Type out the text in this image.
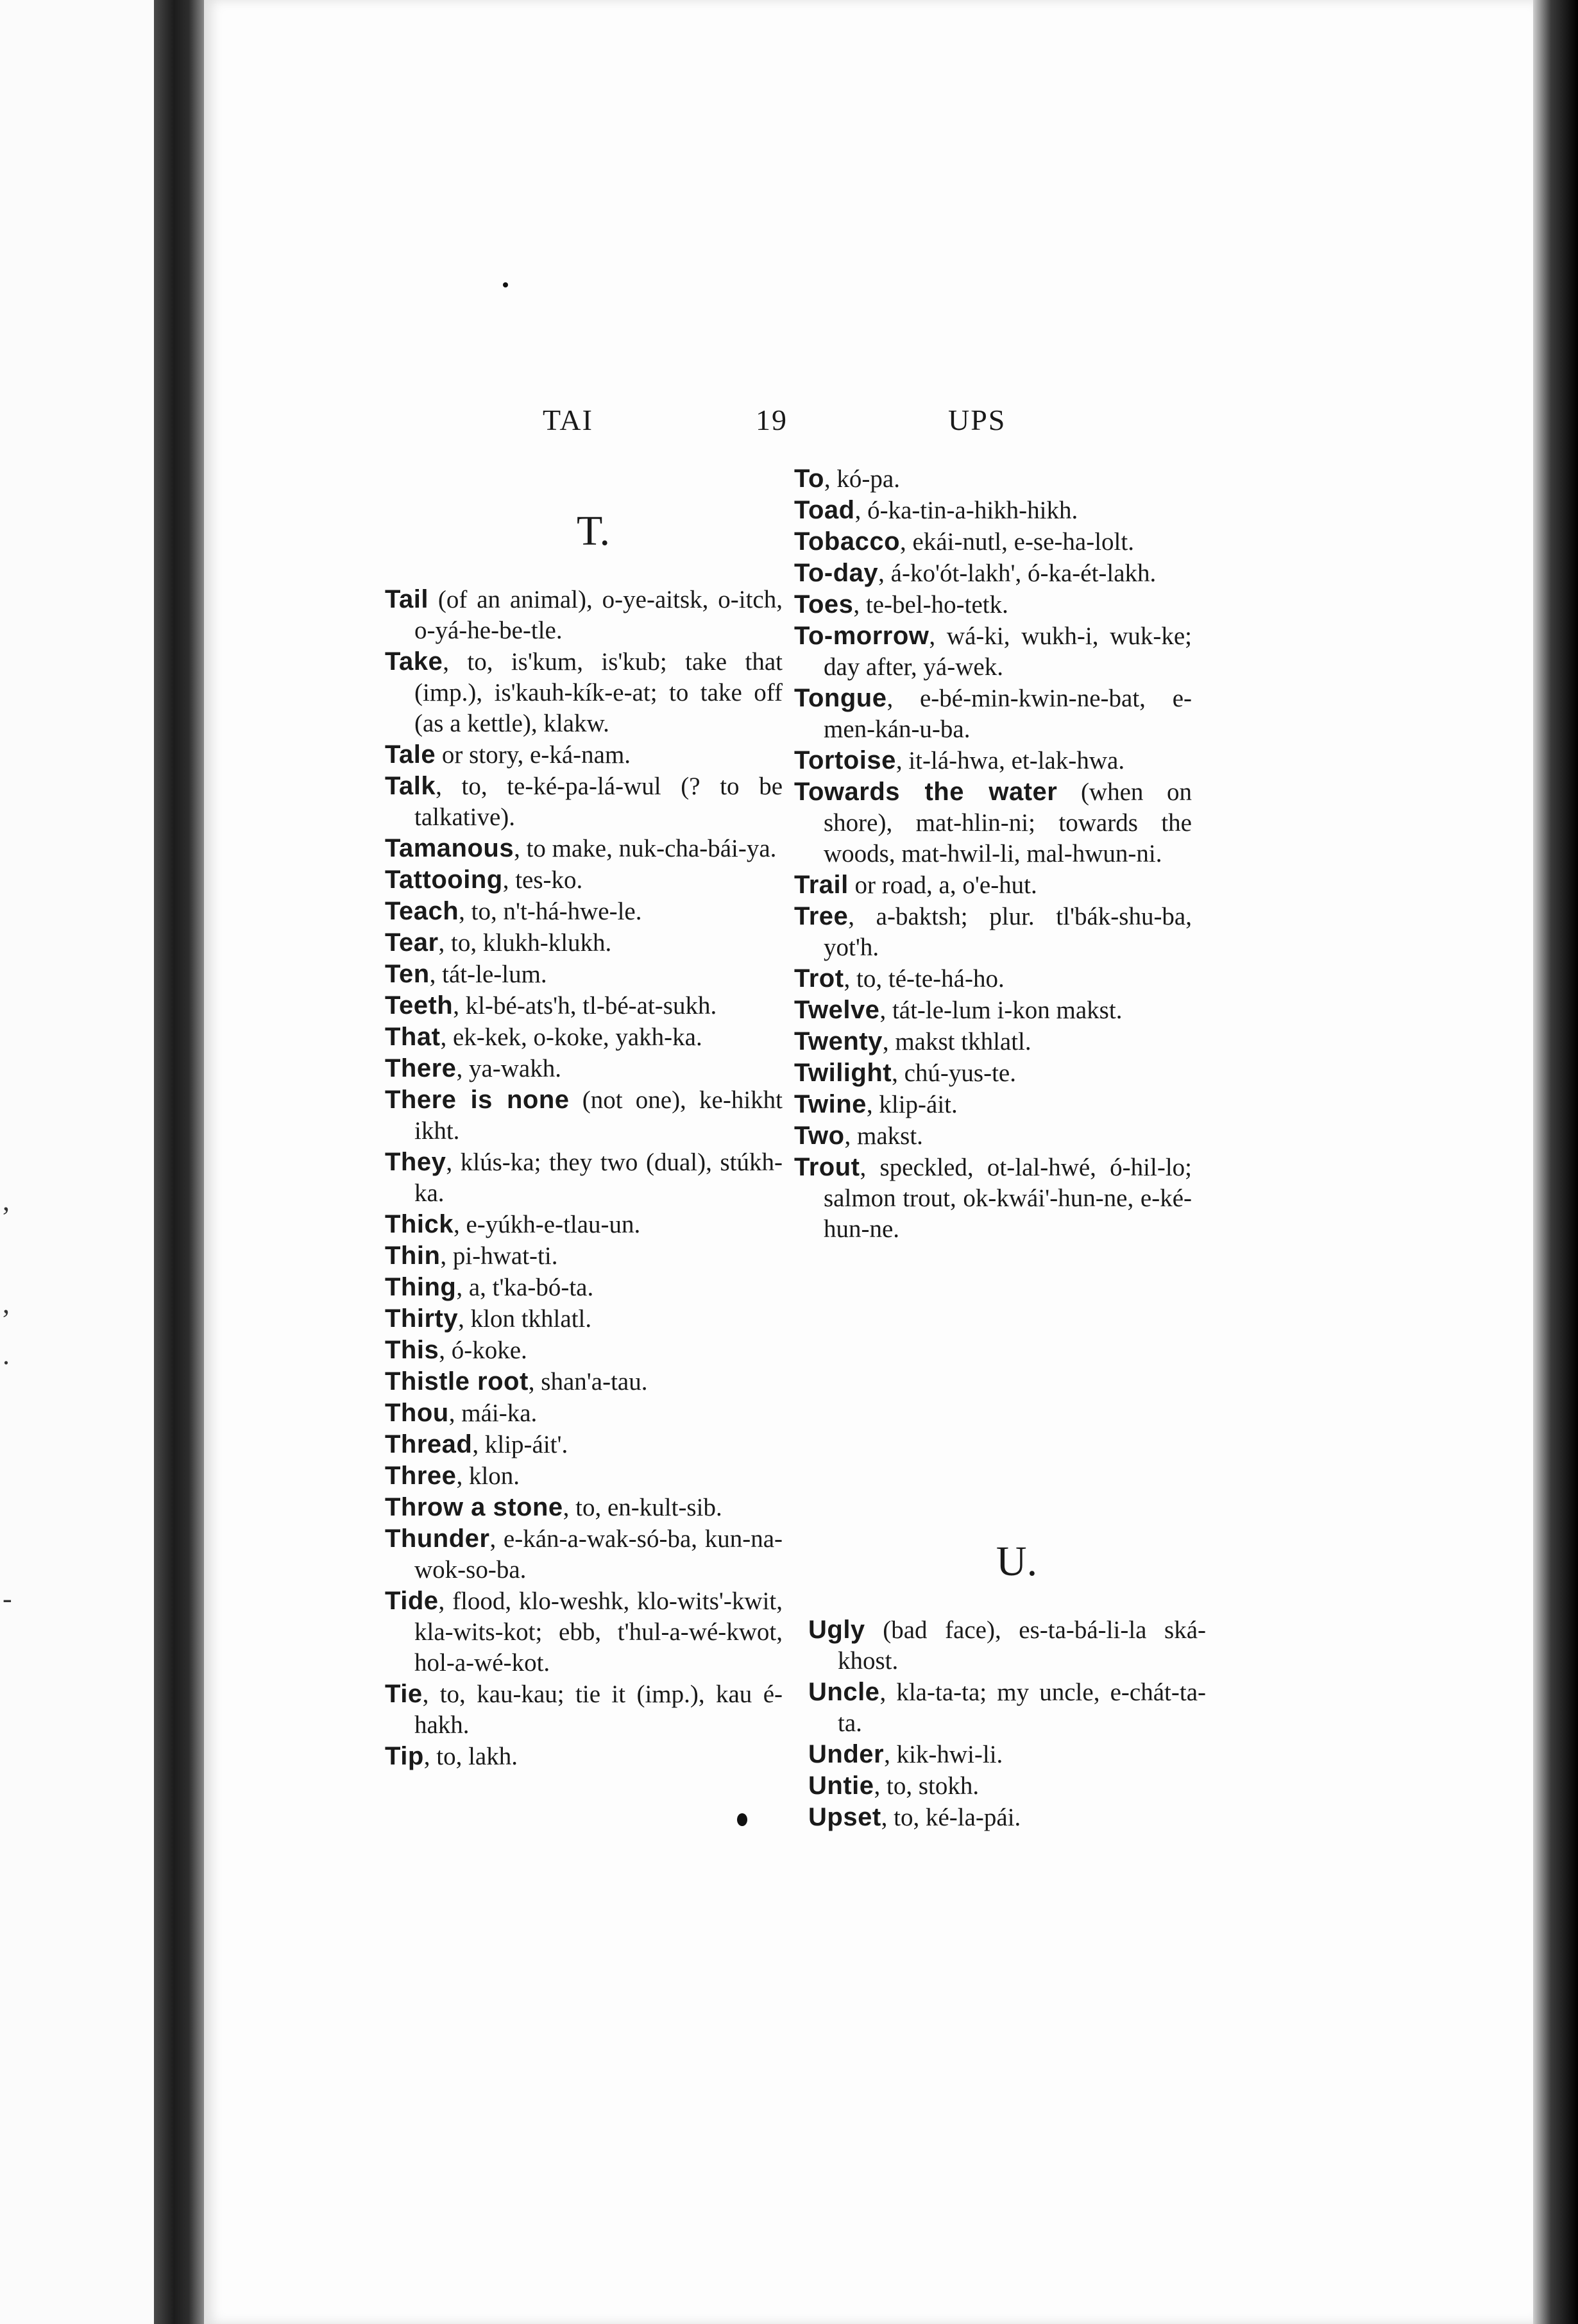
,
,
.
-
TAI	19	UPS
T.
Tail (of an animal), o-ye-aitsk, o-itch, o-yá-he-be-tle.
Take, to, is'kum, is'kub; take that (imp.), is'kauh-kík-e-at; to take off (as a kettle), klakw.
Tale or story, e-ká-nam.
Talk, to, te-ké-pa-lá-wul (? to be talkative).
Tamanous, to make, nuk-cha-bái-ya.
Tattooing, tes-ko.
Teach, to, n't-há-hwe-le.
Tear, to, klukh-klukh.
Ten, tát-le-lum.
Teeth, kl-bé-ats'h, tl-bé-at-sukh.
That, ek-kek, o-koke, yakh-ka.
There, ya-wakh.
There is none (not one), ke-hikht ikht.
They, klús-ka; they two (dual), stúkh-ka.
Thick, e-yúkh-e-tlau-un.
Thin, pi-hwat-ti.
Thing, a, t'ka-bó-ta.
Thirty, klon tkhlatl.
This, ó-koke.
Thistle root, shan'a-tau.
Thou, mái-ka.
Thread, klip-áit'.
Three, klon.
Throw a stone, to, en-kult-sib.
Thunder, e-kán-a-wak-só-ba, kun-na-wok-so-ba.
Tide, flood, klo-weshk, klo-wits'-kwit, kla-wits-kot; ebb, t'hul-a-wé-kwot, hol-a-wé-kot.
Tie, to, kau-kau; tie it (imp.), kau é-hakh.
Tip, to, lakh.
To, kó-pa.
Toad, ó-ka-tin-a-hikh-hikh.
Tobacco, ekái-nutl, e-se-ha-lolt.
To-day, á-ko'ót-lakh', ó-ka-ét-lakh.
Toes, te-bel-ho-tetk.
To-morrow, wá-ki, wukh-i, wuk-ke; day after, yá-wek.
Tongue, e-bé-min-kwin-ne-bat, e-men-kán-u-ba.
Tortoise, it-lá-hwa, et-lak-hwa.
Towards the water (when on shore), mat-hlin-ni; towards the woods, mat-hwil-li, mal-hwun-ni.
Trail or road, a, o'e-hut.
Tree, a-baktsh; plur. tl'bák-shu-ba, yot'h.
Trot, to, té-te-há-ho.
Twelve, tát-le-lum i-kon makst.
Twenty, makst tkhlatl.
Twilight, chú-yus-te.
Twine, klip-áit.
Two, makst.
Trout, speckled, ot-lal-hwé, ó-hil-lo; salmon trout, ok-kwái'-hun-ne, e-ké-hun-ne.
U.
Ugly (bad face), es-ta-bá-li-la ská-khost.
Uncle, kla-ta-ta; my uncle, e-chát-ta-ta.
Under, kik-hwi-li.
Untie, to, stokh.
Upset, to, ké-la-pái.
